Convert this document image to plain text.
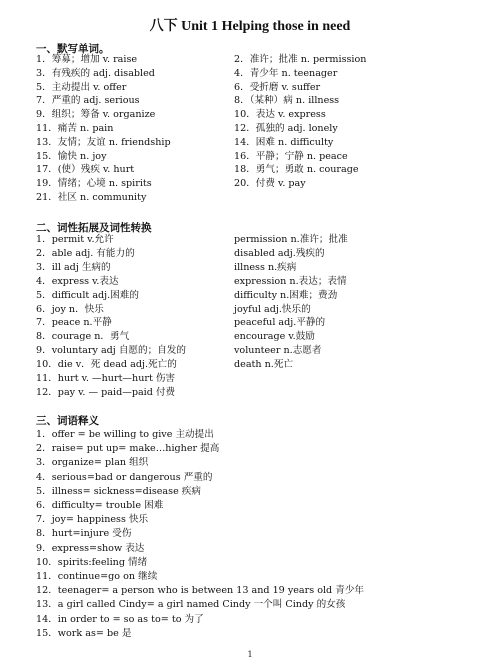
八下 Unit 1 Helping those in need
一、默写单词。
1．筹募；增加 v. raise	2．准许；批准 n. permission
3．有残疾的 adj. disabled	4．青少年 n. teenager
5．主动提出 v. offer	6．受折磨 v. suffer
7．严重的 adj. serious	8．（某种）病 n. illness
9．组织；筹备 v. organize	10．表达 v. express
11．痛苦 n. pain	12．孤独的 adj. lonely
13．友情；友谊 n. friendship	14．困难 n. difficulty
15．愉快 n. joy	16．平静；宁静 n. peace
17．(使）残疾 v. hurt	18．勇气；勇敢 n. courage
19．情绪；心境 n. spirits	20．付费 v. pay
21．社区 n. community
二、词性拓展及词性转换
1．permit v.允许	permission n.准许；批准
2．able adj. 有能力的	disabled adj.残疾的
3．ill adj 生病的	illness n.疾病
4．express v.表达	expression n.表达；表情
5．difficult adj.困难的	difficulty n.困难；费劲
6．joy n．快乐	joyful adj.快乐的
7．peace n.平静	peaceful adj.平静的
8．courage n．勇气	encourage v.鼓励
9．voluntary adj 自愿的；自发的	volunteer n.志愿者
10．die v．死 dead adj.死亡的	death n.死亡
11．hurt v. —hurt—hurt 伤害
12．pay v. — paid—paid 付费
三、词语释义
1．offer = be willing to give 主动提出
2．raise= put up= make…higher 提高
3．organize= plan 组织
4．serious=bad or dangerous 严重的
5．illness= sickness=disease 疾病
6．difficulty= trouble 困难
7．joy= happiness 快乐
8．hurt=injure 受伤
9．express=show 表达
10．spirits:feeling 情绪
11．continue=go on 继续
12．teenager= a person who is between 13 and 19 years old 青少年
13．a girl called Cindy= a girl named Cindy 一个叫 Cindy 的女孩
14．in order to = so as to= to 为了
15．work as= be 是
1
